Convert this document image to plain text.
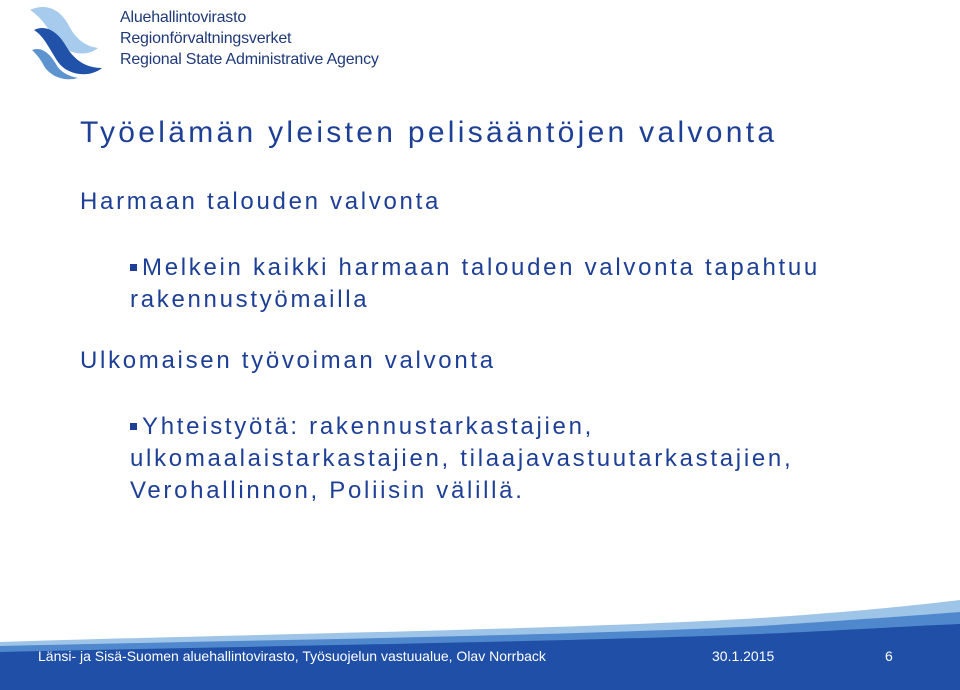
Aluehallintovirasto
Regionförvaltningsverket
Regional State Administrative Agency
Työelämän yleisten pelisääntöjen valvonta
Harmaan talouden valvonta

Melkein kaikki harmaan talouden valvonta tapahtuu rakennustyömailla

Ulkomaisen työvoiman valvonta

Yhteistyötä: rakennustarkastajien, ulkomaalaistarkastajien, tilaajavastuutarkastajien, Verohallinnon, Poliisin välillä.

Länsi- ja Sisä-Suomen aluehallintovirasto, Työsuojelun vastuualue, Olav Norrback	30.1.2015	6
